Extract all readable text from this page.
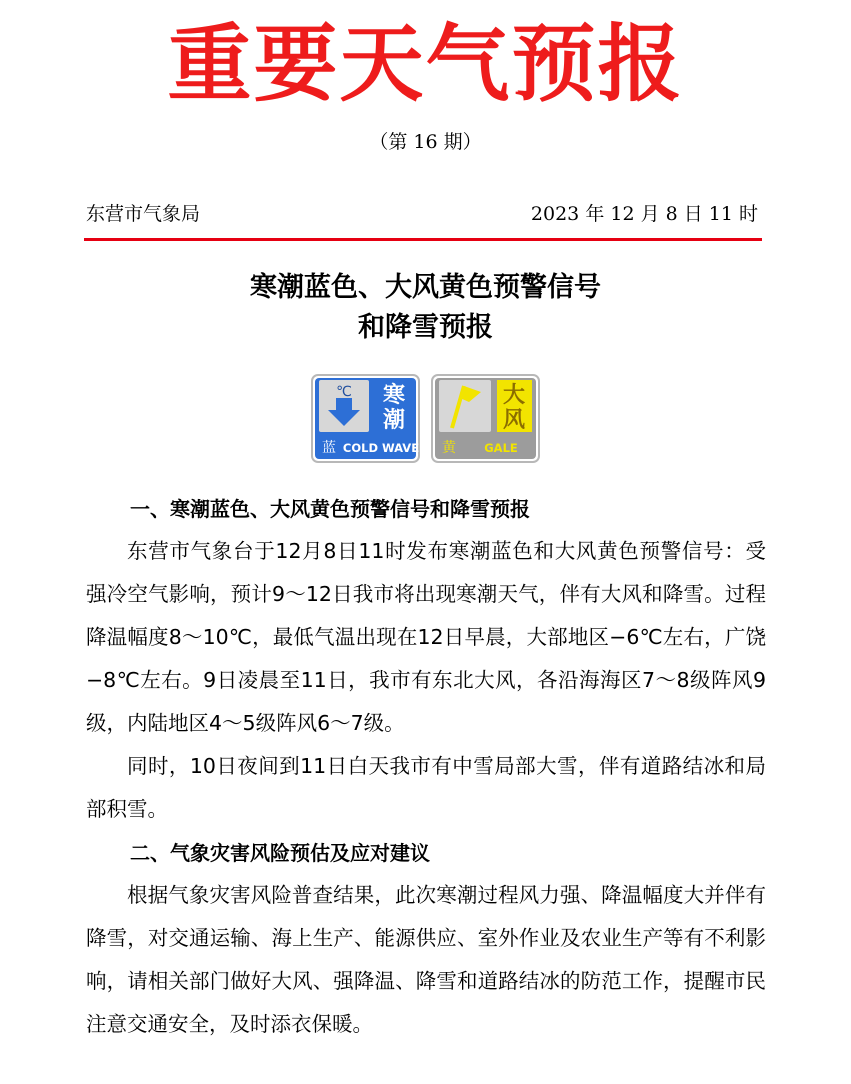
重要天气预报
（第 16 期）
东营市气象局	2023 年 12 月 8 日 11 时
寒潮蓝色、大风黄色预警信号
和降雪预报
℃ 寒
潮
蓝 COLD WAVE
大
风
黄 GALE
一、寒潮蓝色、大风黄色预警信号和降雪预报
东营市气象台于12月8日11时发布寒潮蓝色和大风黄色预警信号：受强冷空气影响，预计9～12日我市将出现寒潮天气，伴有大风和降雪。过程降温幅度8～10℃，最低气温出现在12日早晨，大部地区−6℃左右，广饶−8℃左右。9日凌晨至11日，我市有东北大风，各沿海海区7～8级阵风9级，内陆地区4～5级阵风6～7级。
同时，10日夜间到11日白天我市有中雪局部大雪，伴有道路结冰和局部积雪。
二、气象灾害风险预估及应对建议
根据气象灾害风险普查结果，此次寒潮过程风力强、降温幅度大并伴有降雪，对交通运输、海上生产、能源供应、室外作业及农业生产等有不利影响，请相关部门做好大风、强降温、降雪和道路结冰的防范工作，提醒市民注意交通安全，及时添衣保暖。
